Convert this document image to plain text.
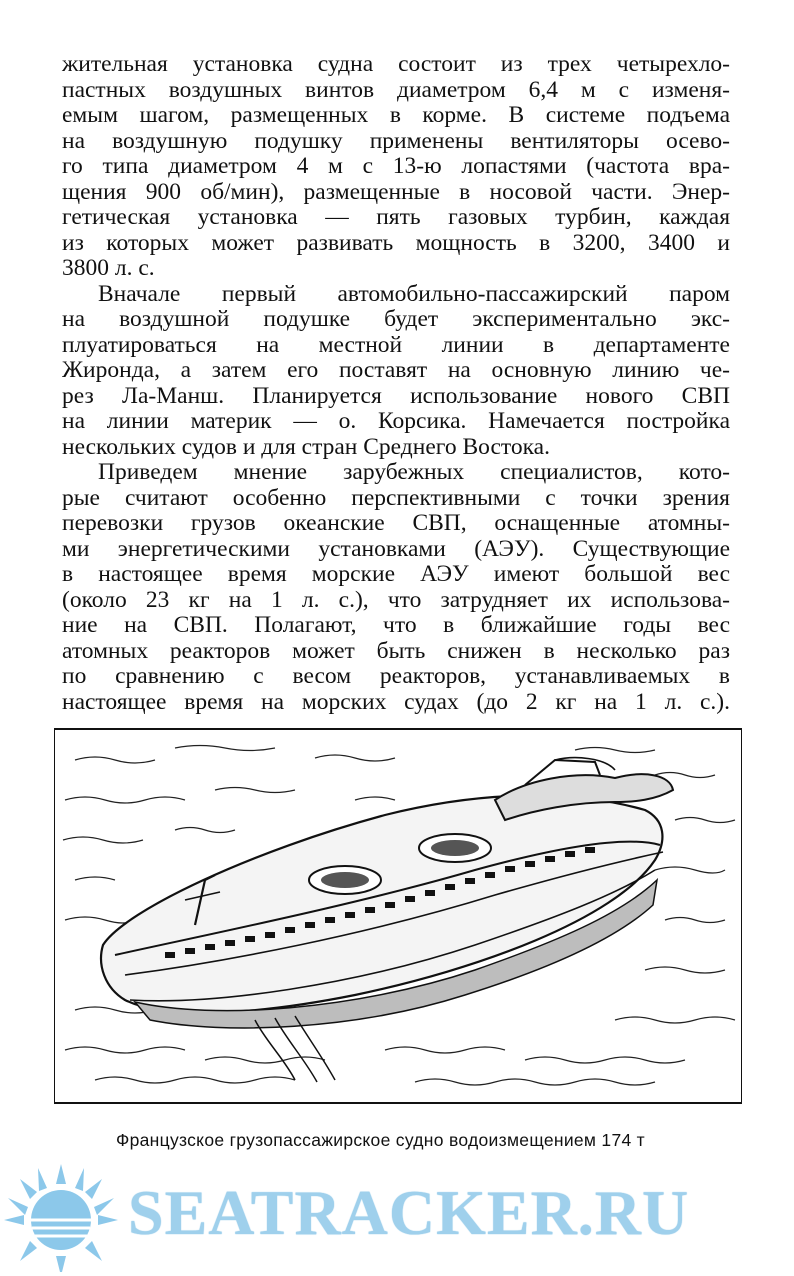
жительная установка судна состоит из трех четырехло-

пастных воздушных винтов диаметром 6,4 м с изменя-

емым шагом, размещенных в корме. В системе подъема

на воздушную подушку применены вентиляторы осево-

го типа диаметром 4 м с 13-ю лопастями (частота вра-

щения 900 об/мин), размещенные в носовой части. Энер-

гетическая установка — пять газовых турбин, каждая

из которых может развивать мощность в 3200, 3400 и

3800 л. с.

Вначале первый автомобильно-пассажирский паром

на воздушной подушке будет экспериментально экс-

плуатироваться на местной линии в департаменте

Жиронда, а затем его поставят на основную линию че-

рез Ла-Манш. Планируется использование нового СВП

на линии материк — о. Корсика. Намечается постройка

нескольких судов и для стран Среднего Востока.

Приведем мнение зарубежных специалистов, кото-

рые считают особенно перспективными с точки зрения

перевозки грузов океанские СВП, оснащенные атомны-

ми энергетическими установками (АЭУ). Существующие

в настоящее время морские АЭУ имеют большой вес

(около 23 кг на 1 л. с.), что затрудняет их использова-

ние на СВП. Полагают, что в ближайшие годы вес

атомных реакторов может быть снижен в несколько раз

по сравнению с весом реакторов, устанавливаемых в

настоящее время на морских судах (до 2 кг на 1 л. с.).

Французское грузопассажирское судно водоизмещением 174 т
SEATRACKER.RU
